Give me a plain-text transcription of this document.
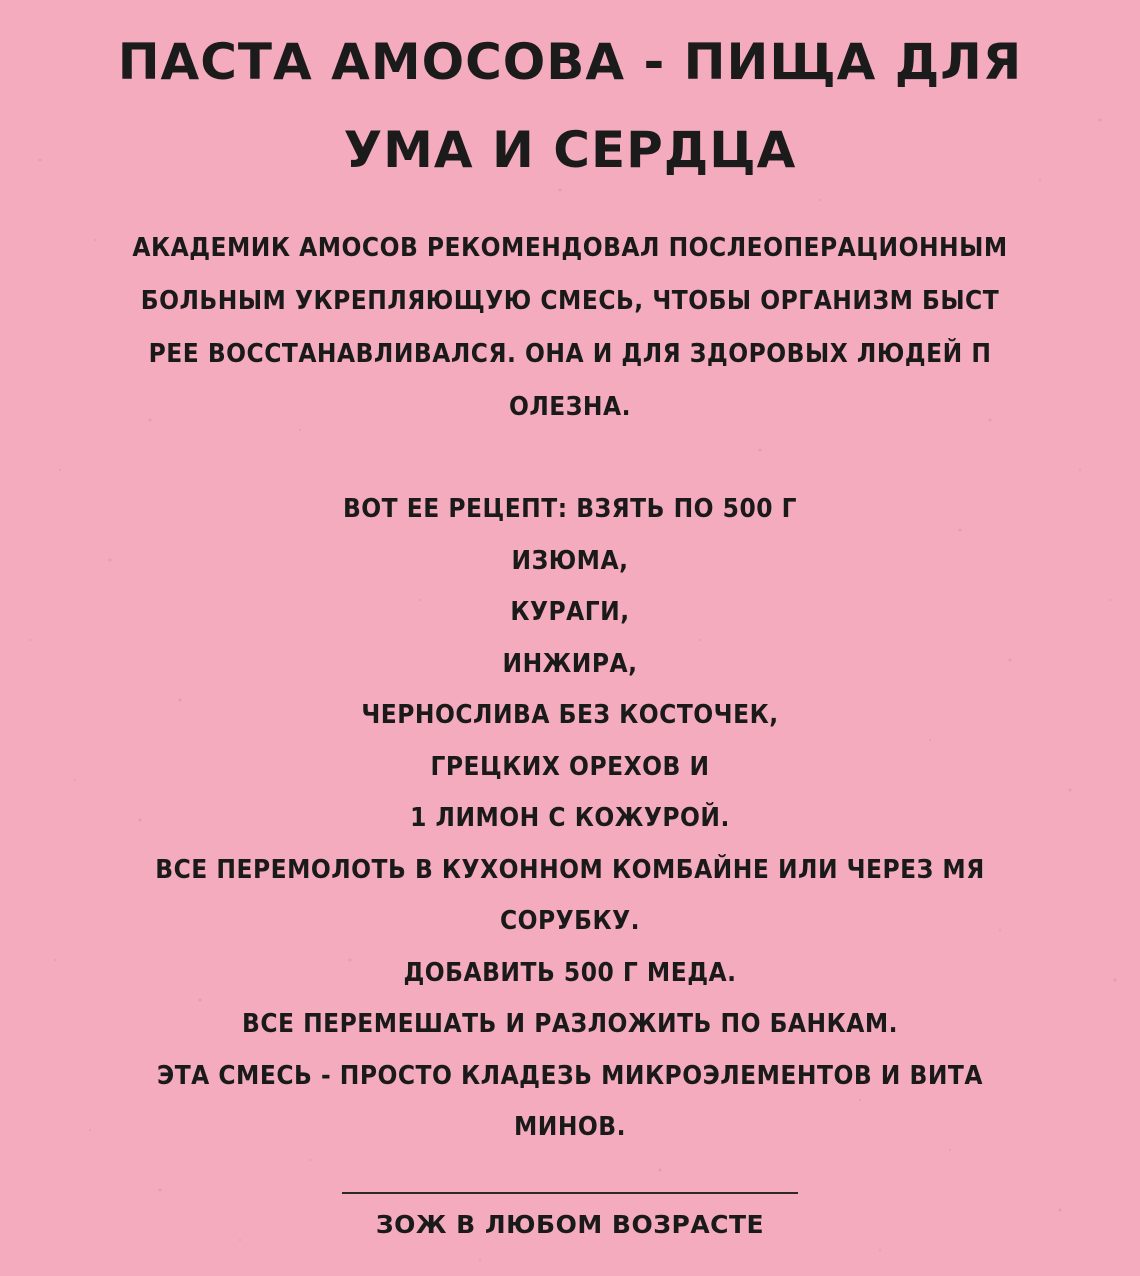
ПАСТА АМОСОВА - ПИЩА ДЛЯ
УМА И СЕРДЦА

АКАДЕМИК АМОСОВ РЕКОМЕНДОВАЛ ПОСЛЕОПЕРАЦИОННЫМ
БОЛЬНЫМ УКРЕПЛЯЮЩУЮ СМЕСЬ, ЧТОБЫ ОРГАНИЗМ БЫСТ
РЕЕ ВОССТАНАВЛИВАЛСЯ. ОНА И ДЛЯ ЗДОРОВЫХ ЛЮДЕЙ П
ОЛЕЗНА.

ВОТ ЕЕ РЕЦЕПТ: ВЗЯТЬ ПО 500 Г
ИЗЮМА,
КУРАГИ,
ИНЖИРА,
ЧЕРНОСЛИВА БЕЗ КОСТОЧЕК,
ГРЕЦКИХ ОРЕХОВ И
1 ЛИМОН С КОЖУРОЙ.
ВСЕ ПЕРЕМОЛОТЬ В КУХОННОМ КОМБАЙНЕ ИЛИ ЧЕРЕЗ МЯ
СОРУБКУ.
ДОБАВИТЬ 500 Г МЕДА.
ВСЕ ПЕРЕМЕШАТЬ И РАЗЛОЖИТЬ ПО БАНКАМ.
ЭТА СМЕСЬ - ПРОСТО КЛАДЕЗЬ МИКРОЭЛЕМЕНТОВ И ВИТА
МИНОВ.

ЗОЖ В ЛЮБОМ ВОЗРАСТЕ
